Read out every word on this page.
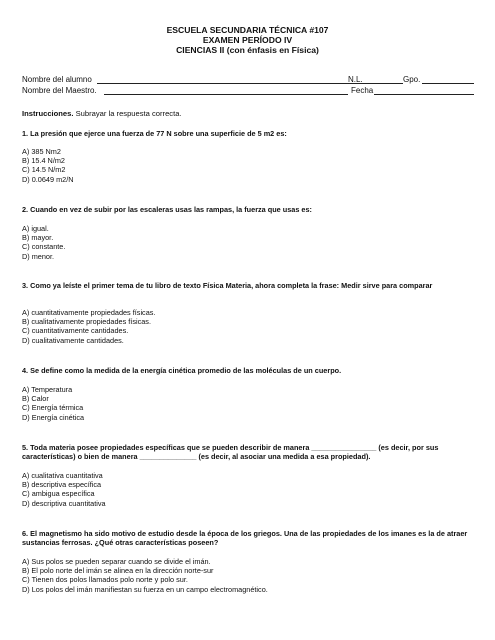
ESCUELA SECUNDARIA TÉCNICA #107
EXAMEN PERÍODO IV
CIENCIAS II (con énfasis en Física)
Nombre del alumno	N.L.	Gpo.
Nombre del Maestro.	Fecha
Instrucciones. Subrayar la respuesta correcta.
1. La presión que ejerce una fuerza de 77 N sobre una superficie de 5 m2 es:
A) 385 Nm2
B) 15.4 N/m2
C) 14.5 N/m2
D) 0.0649 m2/N
2. Cuando en vez de subir por las escaleras usas las rampas, la fuerza que usas es:
A) igual.
B) mayor.
C) constante.
D) menor.
3. Como ya leíste el primer tema de tu libro de texto Física Materia, ahora completa la frase: Medir sirve para comparar
A) cuantitativamente propiedades físicas.
B) cualitativamente propiedades físicas.
C) cuantitativamente cantidades.
D) cualitativamente cantidades.
4. Se define como la medida de la energía cinética promedio de las moléculas de un cuerpo.
A) Temperatura
B) Calor
C) Energía térmica
D) Energía cinética
5. Toda materia posee propiedades específicas que se pueden describir de manera ________________ (es decir, por sus características) o bien de manera ______________ (es decir, al asociar una medida a esa propiedad).
A) cualitativa cuantitativa
B) descriptiva específica
C) ambigua específica
D) descriptiva cuantitativa
6. El magnetismo ha sido motivo de estudio desde la época de los griegos. Una de las propiedades de los imanes es la de atraer sustancias ferrosas. ¿Qué otras características poseen?
A) Sus polos se pueden separar cuando se divide el imán.
B) El polo norte del imán se alinea en la dirección norte-sur
C) Tienen dos polos llamados polo norte y polo sur.
D) Los polos del imán manifiestan su fuerza en un campo electromagnético.
